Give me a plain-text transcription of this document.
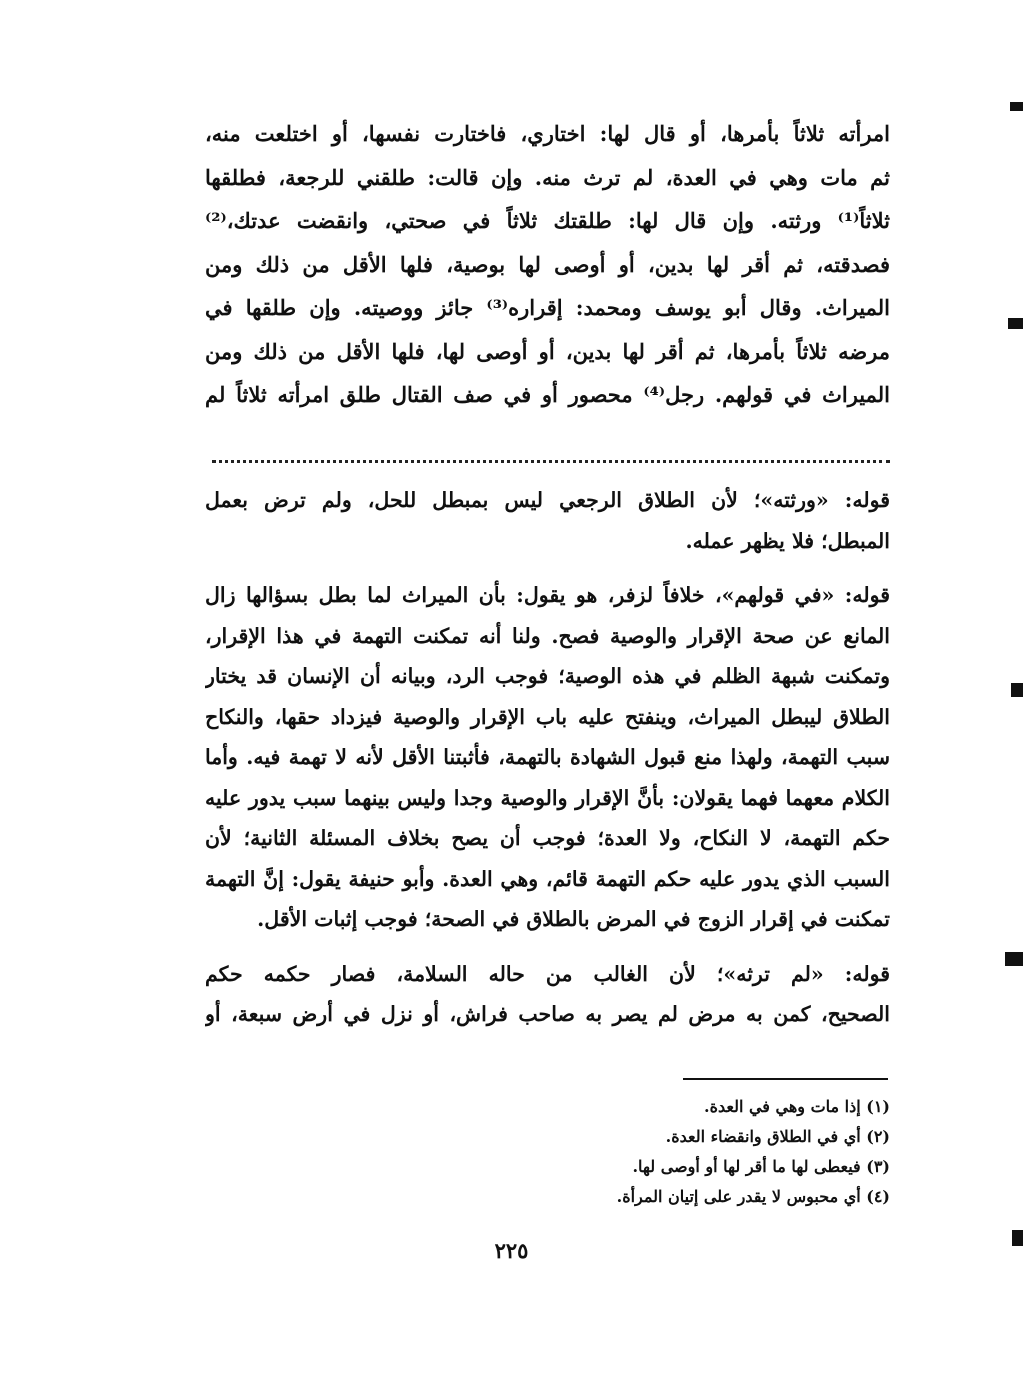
امرأته ثلاثاً بأمرها، أو قال لها: اختاري، فاختارت نفسها، أو اختلعت منه،
ثم مات وهي في العدة، لم ترث منه. وإن قالت: طلقني للرجعة، فطلقها
ثلاثاً⁽¹⁾ ورثته. وإن قال لها: طلقتك ثلاثاً في صحتي، وانقضت عدتك،⁽²⁾
فصدقته، ثم أقر لها بدين، أو أوصى لها بوصية، فلها الأقل من ذلك ومن
الميراث. وقال أبو يوسف ومحمد: إقراره⁽³⁾ جائز ووصيته. وإن طلقها في
مرضه ثلاثاً بأمرها، ثم أقر لها بدين، أو أوصى لها، فلها الأقل من ذلك ومن
الميراث في قولهم. رجل⁽⁴⁾ محصور أو في صف القتال طلق امرأته ثلاثاً لم
قوله: «ورثته»؛ لأن الطلاق الرجعي ليس بمبطل للحل، ولم ترض بعمل
المبطل؛ فلا يظهر عمله.
قوله: «في قولهم»، خلافاً لزفر، هو يقول: بأن الميراث لما بطل بسؤالها زال
المانع عن صحة الإقرار والوصية فصح. ولنا أنه تمكنت التهمة في هذا الإقرار،
وتمكنت شبهة الظلم في هذه الوصية؛ فوجب الرد، وبيانه أن الإنسان قد يختار
الطلاق ليبطل الميراث، وينفتح عليه باب الإقرار والوصية فيزداد حقها، والنكاح
سبب التهمة، ولهذا منع قبول الشهادة بالتهمة، فأثبتنا الأقل لأنه لا تهمة فيه. وأما
الكلام معهما فهما يقولان: بأنَّ الإقرار والوصية وجدا وليس بينهما سبب يدور عليه
حكم التهمة، لا النكاح، ولا العدة؛ فوجب أن يصح بخلاف المسئلة الثانية؛ لأن
السبب الذي يدور عليه حكم التهمة قائم، وهي العدة. وأبو حنيفة يقول: إنَّ التهمة
تمكنت في إقرار الزوج في المرض بالطلاق في الصحة؛ فوجب إثبات الأقل.
قوله: «لم ترثه»؛ لأن الغالب من حاله السلامة، فصار حكمه حكم
الصحيح، كمن به مرض لم يصر به صاحب فراش، أو نزل في أرض سبعة، أو
(١) إذا مات وهي في العدة.
(٢) أي في الطلاق وانقضاء العدة.
(٣) فيعطى لها ما أقر لها أو أوصى لها.
(٤) أي محبوس لا يقدر على إتيان المرأة.
٢٢٥
